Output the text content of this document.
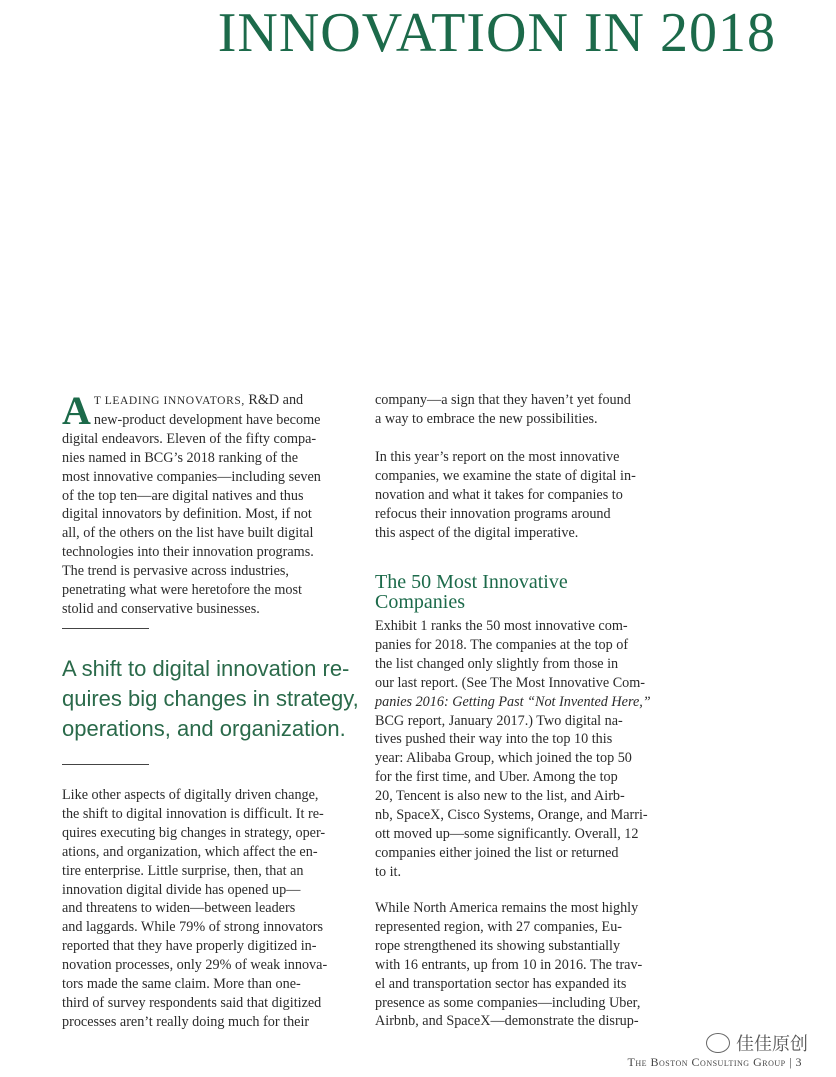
INNOVATION IN 2018

A T LEADING INNOVATORS, R&D and
new-product development have become
digital endeavors. Eleven of the fifty compa-
nies named in BCG’s 2018 ranking of the
most innovative companies—including seven
of the top ten—are digital natives and thus
digital innovators by definition. Most, if not
all, of the others on the list have built digital
technologies into their innovation programs.
The trend is pervasive across industries,
penetrating what were heretofore the most
stolid and conservative businesses.

A shift to digital innovation re-
quires big changes in strategy,
operations, and organization.

Like other aspects of digitally driven change,
the shift to digital innovation is difficult. It re-
quires executing big changes in strategy, oper-
ations, and organization, which affect the en-
tire enterprise. Little surprise, then, that an
innovation digital divide has opened up—
and threatens to widen—between leaders
and laggards. While 79% of strong innovators
reported that they have properly digitized in-
novation processes, only 29% of weak innova-
tors made the same claim. More than one-
third of survey respondents said that digitized
processes aren’t really doing much for their

company—a sign that they haven’t yet found
a way to embrace the new possibilities.

In this year’s report on the most innovative
companies, we examine the state of digital in-
novation and what it takes for companies to
refocus their innovation programs around
this aspect of the digital imperative.

The 50 Most Innovative
Companies

Exhibit 1 ranks the 50 most innovative com-
panies for 2018. The companies at the top of
the list changed only slightly from those in
our last report. (See The Most Innovative Com-
panies 2016: Getting Past “Not Invented Here,”
BCG report, January 2017.) Two digital na-
tives pushed their way into the top 10 this
year: Alibaba Group, which joined the top 50
for the first time, and Uber. Among the top
20, Tencent is also new to the list, and Airb-
nb, SpaceX, Cisco Systems, Orange, and Marri-
ott moved up—some significantly. Overall, 12
companies either joined the list or returned
to it.

While North America remains the most highly
represented region, with 27 companies, Eu-
rope strengthened its showing substantially
with 16 entrants, up from 10 in 2016. The trav-
el and transportation sector has expanded its
presence as some companies—including Uber,
Airbnb, and SpaceX—demonstrate the disrup-

佳佳原创
The Boston Consulting Group | 3
